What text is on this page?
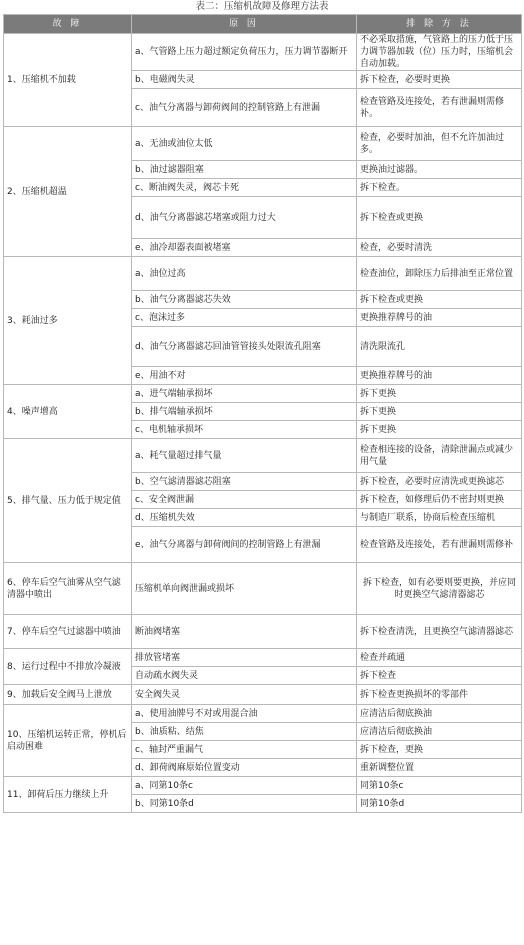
表二：压缩机故障及修理方法表
故 障	原 因	排 除 方 法
1、压缩机不加载	a、气管路上压力超过额定负荷压力，压力调节器断开	不必采取措施，气管路上的压力低于压力调节器加载（位）压力时，压缩机会自动加载。
	b、电磁阀失灵	拆下检查，必要时更换
	c、油气分离器与卸荷阀间的控制管路上有泄漏	检查管路及连接处，若有泄漏则需修补。
2、压缩机超温	a、无油或油位太低	检查，必要时加油，但不允许加油过多。
	b、油过滤器阻塞	更换油过滤器。
	c、断油阀失灵，阀芯卡死	拆下检查。
	d、油气分离器滤芯堵塞或阻力过大	拆下检查或更换
	e、油冷却器表面被堵塞	检查，必要时清洗
3、耗油过多	a、油位过高	检查油位，卸除压力后排油至正常位置
	b、油气分离器滤芯失效	拆下检查或更换
	c、泡沫过多	更换推荐牌号的油
	d、油气分离器滤芯回油管管接头处限流孔阻塞	清洗限流孔
	e、用油不对	更换推荐牌号的油
4、噪声增高	a、进气端轴承损坏	拆下更换
	b、排气端轴承损坏	拆下更换
	c、电机轴承损坏	拆下更换
5、排气量、压力低于规定值	a、耗气量超过排气量	检查相连接的设备，清除泄漏点或减少用气量
	b、空气滤清器滤芯阻塞	拆下检查，必要时应清洗或更换滤芯
	c、安全阀泄漏	拆下检查，如修理后仍不密封则更换
	d、压缩机失效	与制造厂联系，协商后检查压缩机
	e、油气分离器与卸荷阀间的控制管路上有泄漏	检查管路及连接处，若有泄漏则需修补
6、停车后空气油雾从空气滤清器中喷出	压缩机单向阀泄漏或损坏	拆下检查，如有必要则要更换，并应同时更换空气滤清器滤芯
7、停车后空气过滤器中喷油	断油阀堵塞	拆下检查清洗，且更换空气滤清器滤芯
8、运行过程中不排放冷凝液	排放管堵塞	检查并疏通
	自动疏水阀失灵	拆下检查
9、加载后安全阀马上泄放	安全阀失灵	拆下检查更换损坏的零部件
10、压缩机运转正常，停机后启动困难	a、使用油牌号不对或用混合油	应清洁后彻底换油
	b、油质粘、结焦	应清洁后彻底换油
	c、轴封严重漏气	拆下检查，更换
	d、卸荷阀麻原始位置变动	重新调整位置
11、卸荷后压力继续上升	a、同第10条c	同第10条c
	b、同第10条d	同第10条d
